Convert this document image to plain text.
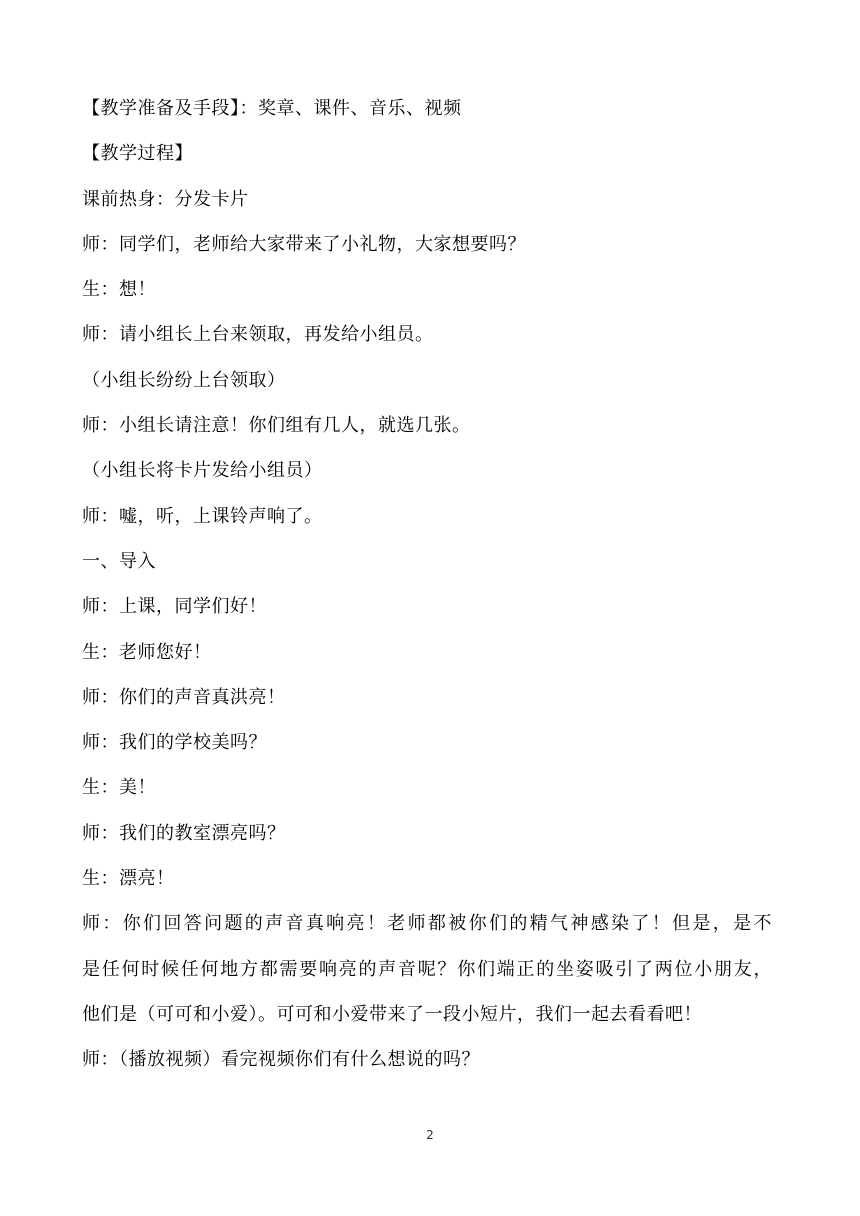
【教学准备及手段】：奖章、课件、音乐、视频
【教学过程】
课前热身：分发卡片
师：同学们，老师给大家带来了小礼物，大家想要吗？
生：想！
师：请小组长上台来领取，再发给小组员。
（小组长纷纷上台领取）
师：小组长请注意！你们组有几人，就选几张。
（小组长将卡片发给小组员）
师：嘘，听，上课铃声响了。
一、导入
师：上课，同学们好！
生：老师您好！
师：你们的声音真洪亮！
师：我们的学校美吗？
生：美！
师：我们的教室漂亮吗？
生：漂亮！
师：你们回答问题的声音真响亮！老师都被你们的精气神感染了！但是，是不
是任何时候任何地方都需要响亮的声音呢？你们端正的坐姿吸引了两位小朋友，
他们是（可可和小爱）。可可和小爱带来了一段小短片，我们一起去看看吧！
师：（播放视频）看完视频你们有什么想说的吗？
2
